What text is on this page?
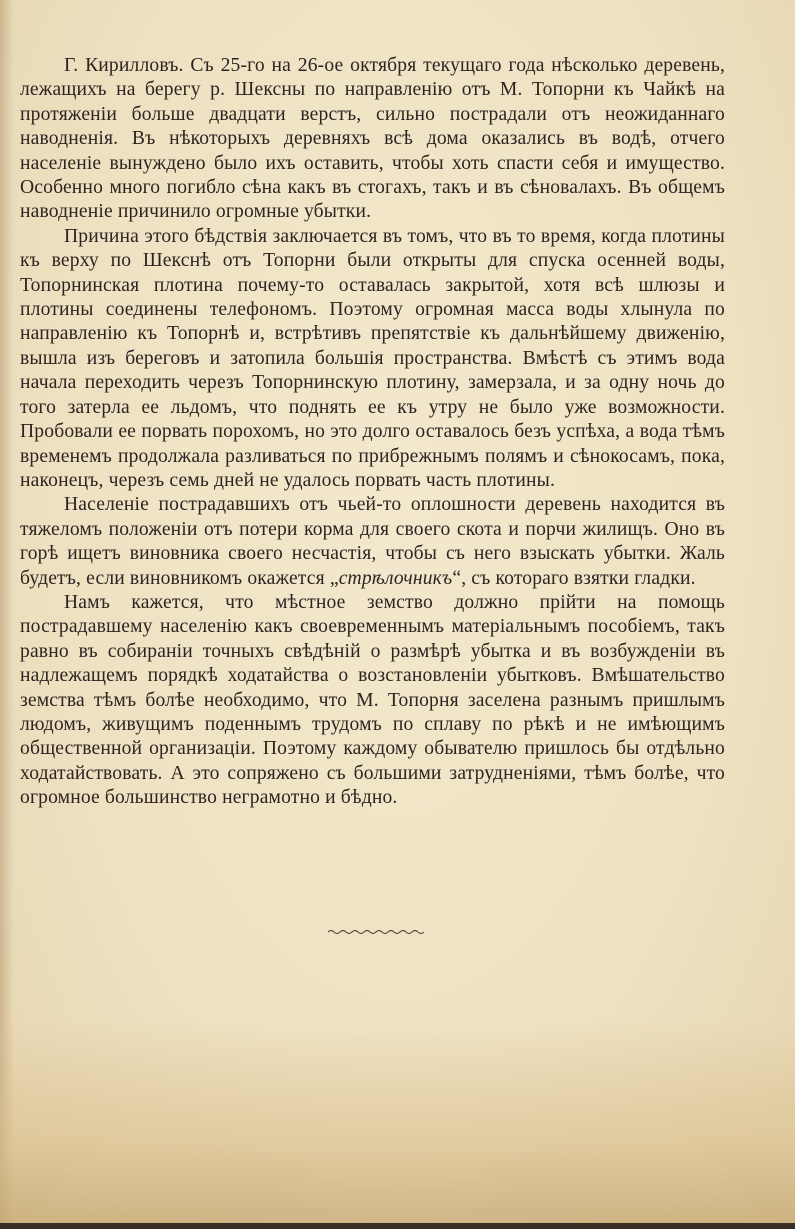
Г. Кирилловъ. Съ 25-го на 26-ое октября текущаго года нѣсколько деревень, лежащихъ на берегу р. Шексны по направленію отъ М. Топорни къ Чайкѣ на протяженіи больше двадцати верстъ, сильно пострадали отъ неожиданнаго наводненія. Въ нѣкоторыхъ деревняхъ всѣ дома оказались въ водѣ, отчего населеніе вынуждено было ихъ оставить, чтобы хоть спасти себя и имущество. Особенно много погибло сѣна какъ въ стогахъ, такъ и въ сѣновалахъ. Въ общемъ наводненіе причинило огромные убытки.

Причина этого бѣдствія заключается въ томъ, что въ то время, когда плотины къ верху по Шекснѣ отъ Топорни были открыты для спуска осенней воды, Топорнинская плотина почему-то оставалась закрытой, хотя всѣ шлюзы и плотины соединены телефономъ. Поэтому огромная масса воды хлынула по направленію къ Топорнѣ и, встрѣтивъ препятствіе къ дальнѣйшему движенію, вышла изъ береговъ и затопила большія пространства. Вмѣстѣ съ этимъ вода начала переходить черезъ Топорнинскую плотину, замерзала, и за одну ночь до того затерла ее льдомъ, что поднять ее къ утру не было уже возможности. Пробовали ее порвать порохомъ, но это долго оставалось безъ успѣха, а вода тѣмъ временемъ продолжала разливаться по прибрежнымъ полямъ и сѣнокосамъ, пока, наконецъ, черезъ семь дней не удалось порвать часть плотины.

Населеніе пострадавшихъ отъ чьей-то оплошности деревень находится въ тяжеломъ положеніи отъ потери корма для своего скота и порчи жилищъ. Оно въ горѣ ищетъ виновника своего несчастія, чтобы съ него взыскать убытки. Жаль будетъ, если виновникомъ окажется „стрѣлочникъ“, съ котораго взятки гладки.

Намъ кажется, что мѣстное земство должно прійти на помощь пострадавшему населенію какъ своевременнымъ матеріальнымъ пособіемъ, такъ равно въ собираніи точныхъ свѣдѣній о размѣрѣ убытка и въ возбужденіи въ надлежащемъ порядкѣ ходатайства о возстановленіи убытковъ. Вмѣшательство земства тѣмъ болѣе необходимо, что М. Топорня заселена разнымъ пришлымъ людомъ, живущимъ поденнымъ трудомъ по сплаву по рѣкѣ и не имѣющимъ общественной организаціи. Поэтому каждому обывателю пришлось бы отдѣльно ходатайствовать. А это сопряжено съ большими затрудненіями, тѣмъ болѣе, что огромное большинство неграмотно и бѣдно.
